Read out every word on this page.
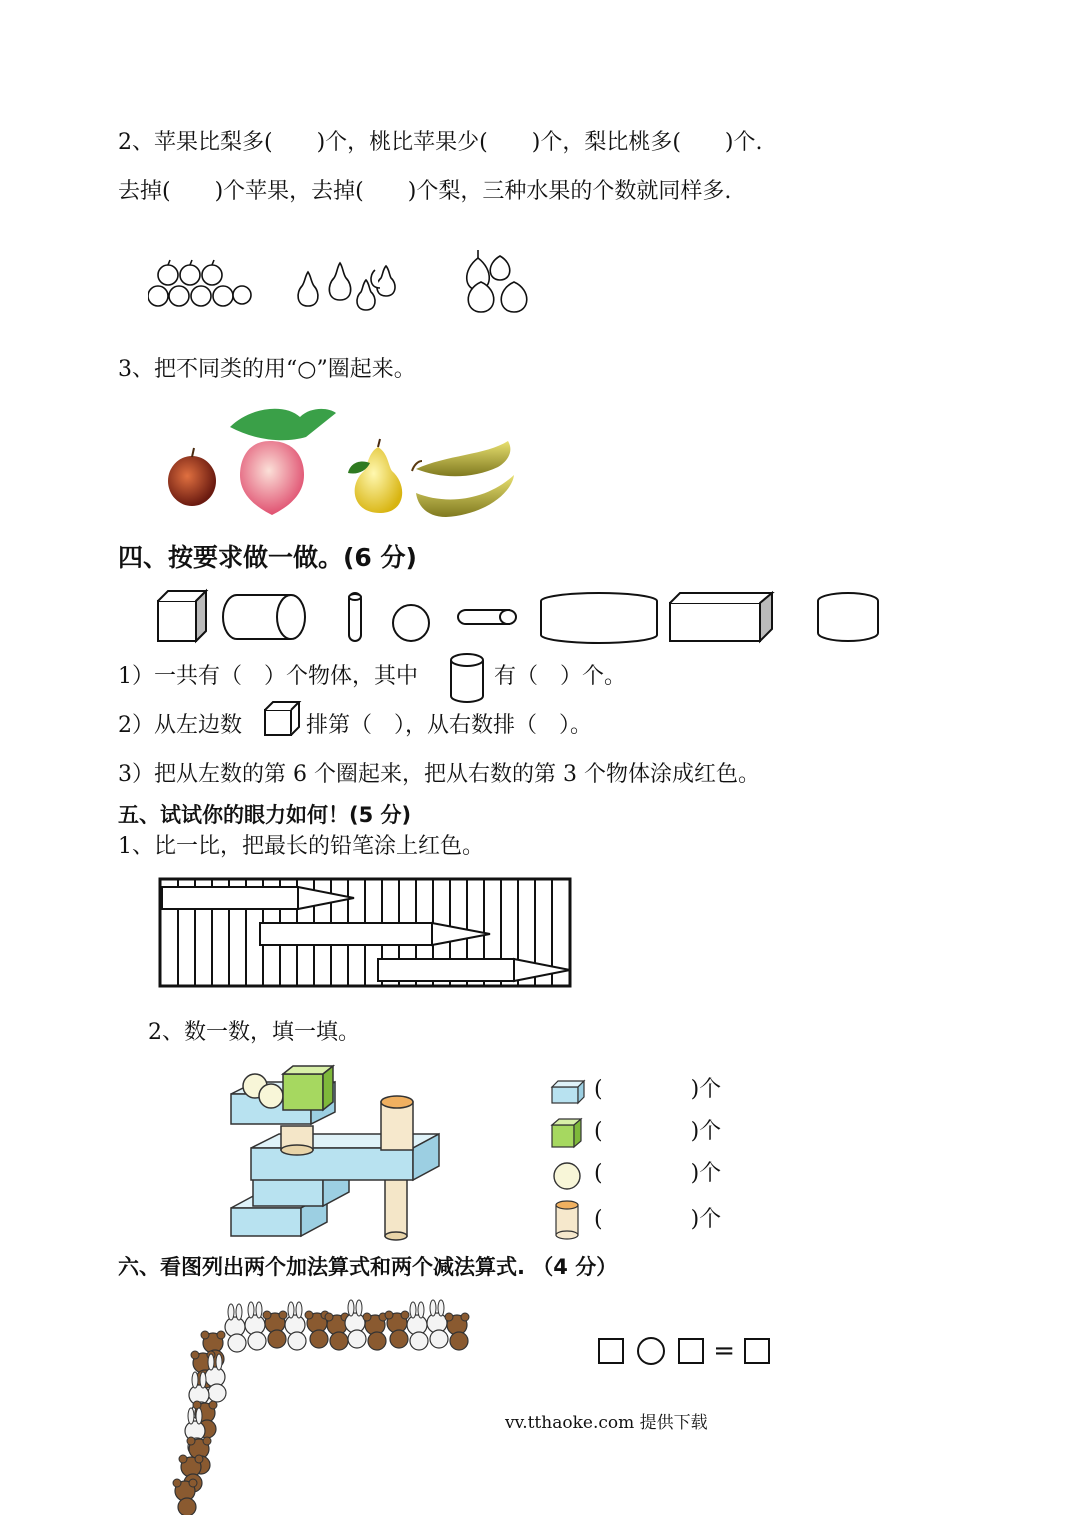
2、苹果比梨多(　　)个，桃比苹果少(　　)个，梨比桃多(　　)个.
去掉(　　)个苹果，去掉(　　)个梨，三种水果的个数就同样多.
3、把不同类的用“○”圈起来。
四、按要求做一做。(6 分)
1）一共有（　）个物体，其中	有（　）个。
2）从左边数	排第（　），从右数排（　）。
3）把从左数的第 6 个圈起来，把从右数的第 3 个物体涂成红色。
五、试试你的眼力如何！(5 分)
1、比一比，把最长的铅笔涂上红色。
2、数一数，填一填。
(　　　　)个
(　　　　)个
(　　　　)个
(　　　　)个
六、看图列出两个加法算式和两个减法算式. （4 分）
=
vv.tthaoke.com 提供下载
